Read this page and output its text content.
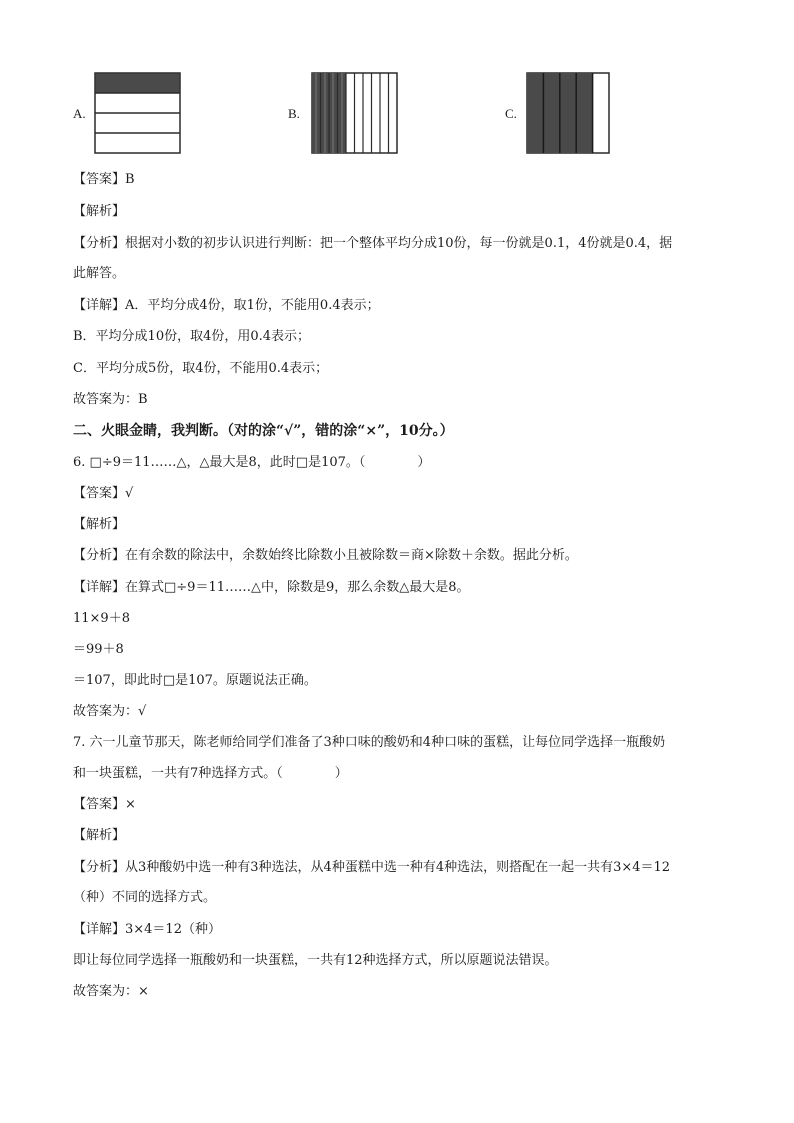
A.	B.	C.
【答案】B
【解析】
【分析】根据对小数的初步认识进行判断：把一个整体平均分成10份，每一份就是0.1，4份就是0.4，据
此解答。
【详解】A．平均分成4份，取1份，不能用0.4表示；
B．平均分成10份，取4份，用0.4表示；
C．平均分成5份，取4份，不能用0.4表示；
故答案为：B
二、火眼金睛，我判断。（对的涂“√”，错的涂“×”，10分。）
6. □÷9＝11……△，△最大是8，此时□是107。（　　　　）
【答案】√
【解析】
【分析】在有余数的除法中，余数始终比除数小且被除数＝商×除数＋余数。据此分析。
【详解】在算式□÷9＝11……△中，除数是9，那么余数△最大是8。
11×9＋8
＝99＋8
＝107，即此时□是107。原题说法正确。
故答案为：√
7. 六一儿童节那天，陈老师给同学们准备了3种口味的酸奶和4种口味的蛋糕，让每位同学选择一瓶酸奶
和一块蛋糕，一共有7种选择方式。（　　　　）
【答案】×
【解析】
【分析】从3种酸奶中选一种有3种选法，从4种蛋糕中选一种有4种选法，则搭配在一起一共有3×4＝12
（种）不同的选择方式。
【详解】3×4＝12（种）
即让每位同学选择一瓶酸奶和一块蛋糕，一共有12种选择方式，所以原题说法错误。
故答案为：×
